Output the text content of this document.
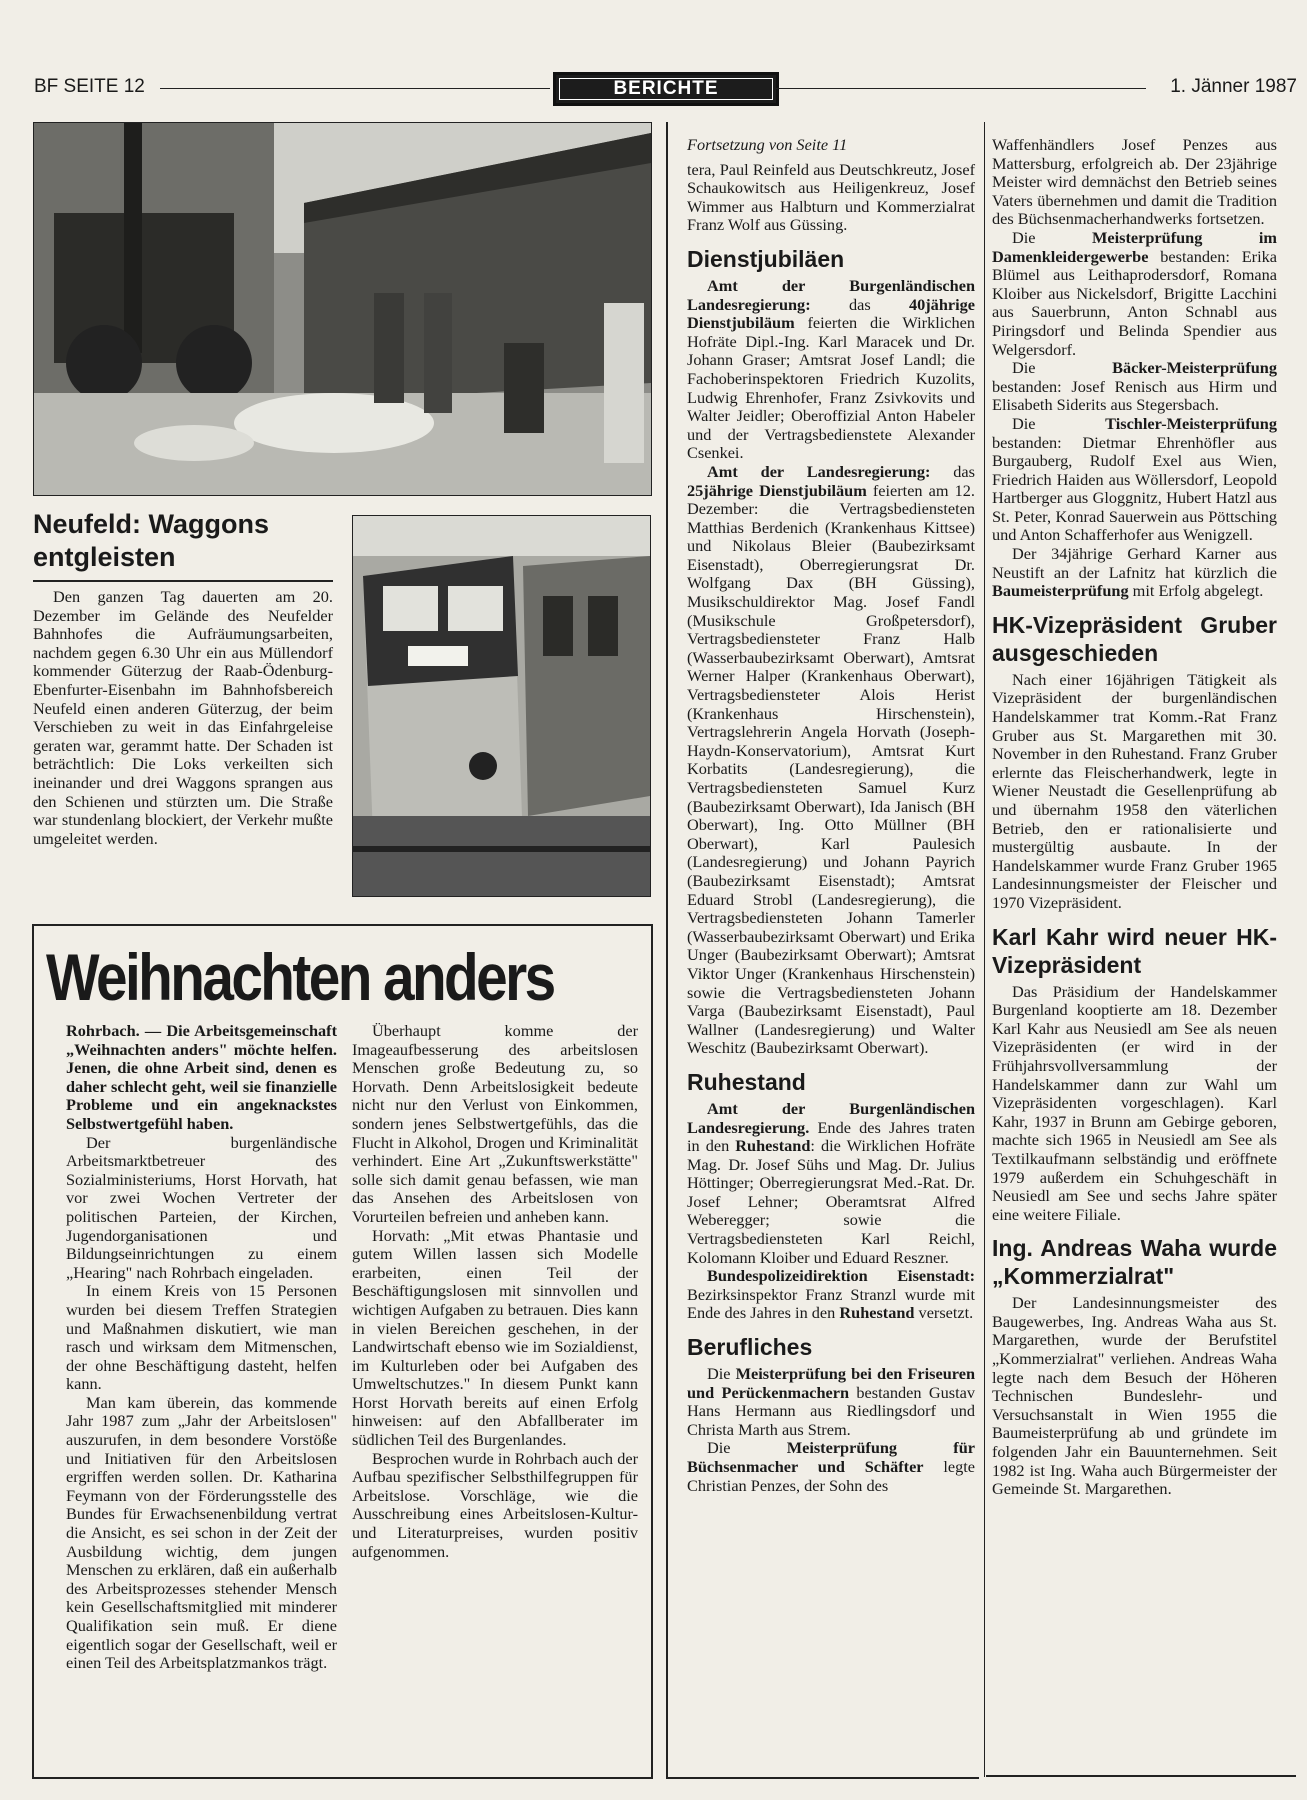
BF SEITE 12	BERICHTE	1. Jänner 1987
Neufeld: Waggons entgleisten

Den ganzen Tag dauerten am 20. Dezember im Gelände des Neufelder Bahnhofes die Aufräumungsarbeiten, nachdem gegen 6.30 Uhr ein aus Müllendorf kommender Güterzug der Raab-Ödenburg-Ebenfurter-Eisenbahn im Bahnhofsbereich Neufeld einen anderen Güterzug, der beim Verschieben zu weit in das Einfahrgeleise geraten war, gerammt hatte. Der Schaden ist beträchtlich: Die Loks verkeilten sich ineinander und drei Waggons sprangen aus den Schienen und stürzten um. Die Straße war stundenlang blockiert, der Verkehr mußte umgeleitet werden.

Weihnachten anders

Rohrbach. — Die Arbeitsgemeinschaft „Weihnachten anders" möchte helfen. Jenen, die ohne Arbeit sind, denen es daher schlecht geht, weil sie finanzielle Probleme und ein angeknackstes Selbstwertgefühl haben.

Der burgenländische Arbeitsmarktbetreuer des Sozialministeriums, Horst Horvath, hat vor zwei Wochen Vertreter der politischen Parteien, der Kirchen, Jugendorganisationen und Bildungseinrichtungen zu einem „Hearing" nach Rohrbach eingeladen.

In einem Kreis von 15 Personen wurden bei diesem Treffen Strategien und Maßnahmen diskutiert, wie man rasch und wirksam dem Mitmenschen, der ohne Beschäftigung dasteht, helfen kann.

Man kam überein, das kommende Jahr 1987 zum „Jahr der Arbeitslosen" auszurufen, in dem besondere Vorstöße und Initiativen für den Arbeitslosen ergriffen werden sollen. Dr. Katharina Feymann von der Förderungsstelle des Bundes für Erwachsenenbildung vertrat die Ansicht, es sei schon in der Zeit der Ausbildung wichtig, dem jungen Menschen zu erklären, daß ein außerhalb des Arbeitsprozesses stehender Mensch kein Gesellschaftsmitglied mit minderer Qualifikation sein muß. Er diene eigentlich sogar der Gesellschaft, weil er einen Teil des Arbeitsplatzmankos trägt.

Überhaupt komme der Imageaufbesserung des arbeitslosen Menschen große Bedeutung zu, so Horvath. Denn Arbeitslosigkeit bedeute nicht nur den Verlust von Einkommen, sondern jenes Selbstwertgefühls, das die Flucht in Alkohol, Drogen und Kriminalität verhindert. Eine Art „Zukunftswerkstätte" solle sich damit genau befassen, wie man das Ansehen des Arbeitslosen von Vorurteilen befreien und anheben kann.

Horvath: „Mit etwas Phantasie und gutem Willen lassen sich Modelle erarbeiten, einen Teil der Beschäftigungslosen mit sinnvollen und wichtigen Aufgaben zu betrauen. Dies kann in vielen Bereichen geschehen, in der Landwirtschaft ebenso wie im Sozialdienst, im Kulturleben oder bei Aufgaben des Umweltschutzes." In diesem Punkt kann Horst Horvath bereits auf einen Erfolg hinweisen: auf den Abfallberater im südlichen Teil des Burgenlandes.

Besprochen wurde in Rohrbach auch der Aufbau spezifischer Selbsthilfegruppen für Arbeitslose. Vorschläge, wie die Ausschreibung eines Arbeitslosen-Kultur- und Literaturpreises, wurden positiv aufgenommen.

Fortsetzung von Seite 11

tera, Paul Reinfeld aus Deutschkreutz, Josef Schaukowitsch aus Heiligenkreuz, Josef Wimmer aus Halbturn und Kommerzialrat Franz Wolf aus Güssing.

Dienstjubiläen

Amt der Burgenländischen Landesregierung: das 40jährige Dienstjubiläum feierten die Wirklichen Hofräte Dipl.-Ing. Karl Maracek und Dr. Johann Graser; Amtsrat Josef Landl; die Fachoberinspektoren Friedrich Kuzolits, Ludwig Ehrenhofer, Franz Zsivkovits und Walter Jeidler; Oberoffizial Anton Habeler und der Vertragsbedienstete Alexander Csenkei.

Amt der Landesregierung: das 25jährige Dienstjubiläum feierten am 12. Dezember: die Vertragsbediensteten Matthias Berdenich (Krankenhaus Kittsee) und Nikolaus Bleier (Baubezirksamt Eisenstadt), Oberregierungsrat Dr. Wolfgang Dax (BH Güssing), Musikschuldirektor Mag. Josef Fandl (Musikschule Großpetersdorf), Vertragsbediensteter Franz Halb (Wasserbaubezirksamt Oberwart), Amtsrat Werner Halper (Krankenhaus Oberwart), Vertragsbediensteter Alois Herist (Krankenhaus Hirschenstein), Vertragslehrerin Angela Horvath (Joseph-Haydn-Konservatorium), Amtsrat Kurt Korbatits (Landesregierung), die Vertragsbediensteten Samuel Kurz (Baubezirksamt Oberwart), Ida Janisch (BH Oberwart), Ing. Otto Müllner (BH Oberwart), Karl Paulesich (Landesregierung) und Johann Payrich (Baubezirksamt Eisenstadt); Amtsrat Eduard Strobl (Landesregierung), die Vertragsbediensteten Johann Tamerler (Wasserbaubezirksamt Oberwart) und Erika Unger (Baubezirksamt Oberwart); Amtsrat Viktor Unger (Krankenhaus Hirschenstein) sowie die Vertragsbediensteten Johann Varga (Baubezirksamt Eisenstadt), Paul Wallner (Landesregierung) und Walter Weschitz (Baubezirksamt Oberwart).

Ruhestand

Amt der Burgenländischen Landesregierung. Ende des Jahres traten in den Ruhestand: die Wirklichen Hofräte Mag. Dr. Josef Sühs und Mag. Dr. Julius Höttinger; Oberregierungsrat Med.-Rat. Dr. Josef Lehner; Oberamtsrat Alfred Weberegger; sowie die Vertragsbediensteten Karl Reichl, Kolomann Kloiber und Eduard Reszner.

Bundespolizeidirektion Eisenstadt: Bezirksinspektor Franz Stranzl wurde mit Ende des Jahres in den Ruhestand versetzt.

Berufliches

Die Meisterprüfung bei den Friseuren und Perückenmachern bestanden Gustav Hans Hermann aus Riedlingsdorf und Christa Marth aus Strem.

Die Meisterprüfung für Büchsenmacher und Schäfter legte Christian Penzes, der Sohn des

Waffenhändlers Josef Penzes aus Mattersburg, erfolgreich ab. Der 23jährige Meister wird demnächst den Betrieb seines Vaters übernehmen und damit die Tradition des Büchsenmacherhandwerks fortsetzen.

Die Meisterprüfung im Damenkleidergewerbe bestanden: Erika Blümel aus Leithaprodersdorf, Romana Kloiber aus Nickelsdorf, Brigitte Lacchini aus Sauerbrunn, Anton Schnabl aus Piringsdorf und Belinda Spendier aus Welgersdorf.

Die Bäcker-Meisterprüfung bestanden: Josef Renisch aus Hirm und Elisabeth Siderits aus Stegersbach.

Die Tischler-Meisterprüfung bestanden: Dietmar Ehrenhöfler aus Burgauberg, Rudolf Exel aus Wien, Friedrich Haiden aus Wöllersdorf, Leopold Hartberger aus Gloggnitz, Hubert Hatzl aus St. Peter, Konrad Sauerwein aus Pöttsching und Anton Schafferhofer aus Wenigzell.

Der 34jährige Gerhard Karner aus Neustift an der Lafnitz hat kürzlich die Baumeisterprüfung mit Erfolg abgelegt.

HK-Vizepräsident Gruber ausgeschieden

Nach einer 16jährigen Tätigkeit als Vizepräsident der burgenländischen Handelskammer trat Komm.-Rat Franz Gruber aus St. Margarethen mit 30. November in den Ruhestand. Franz Gruber erlernte das Fleischerhandwerk, legte in Wiener Neustadt die Gesellenprüfung ab und übernahm 1958 den väterlichen Betrieb, den er rationalisierte und mustergültig ausbaute. In der Handelskammer wurde Franz Gruber 1965 Landesinnungsmeister der Fleischer und 1970 Vizepräsident.

Karl Kahr wird neuer HK-Vizepräsident

Das Präsidium der Handelskammer Burgenland kooptierte am 18. Dezember Karl Kahr aus Neusiedl am See als neuen Vizepräsidenten (er wird in der Frühjahrsvollversammlung der Handelskammer dann zur Wahl um Vizepräsidenten vorgeschlagen). Karl Kahr, 1937 in Brunn am Gebirge geboren, machte sich 1965 in Neusiedl am See als Textilkaufmann selbständig und eröffnete 1979 außerdem ein Schuhgeschäft in Neusiedl am See und sechs Jahre später eine weitere Filiale.

Ing. Andreas Waha wurde „Kommerzialrat"

Der Landesinnungsmeister des Baugewerbes, Ing. Andreas Waha aus St. Margarethen, wurde der Berufstitel „Kommerzialrat" verliehen. Andreas Waha legte nach dem Besuch der Höheren Technischen Bundeslehr- und Versuchsanstalt in Wien 1955 die Baumeisterprüfung ab und gründete im folgenden Jahr ein Bauunternehmen. Seit 1982 ist Ing. Waha auch Bürgermeister der Gemeinde St. Margarethen.
